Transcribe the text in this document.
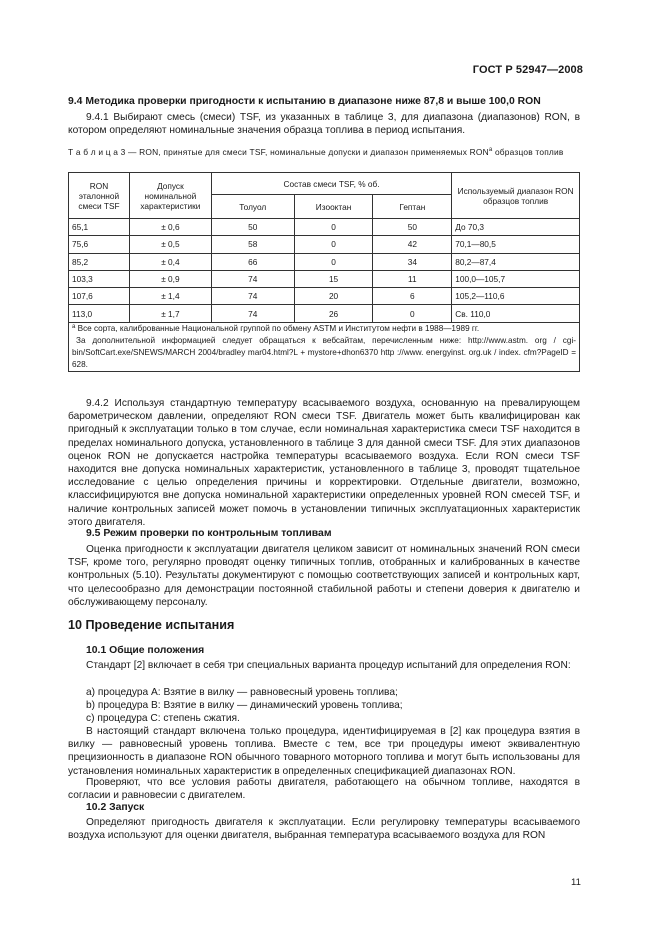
ГОСТ Р 52947—2008
9.4 Методика проверки пригодности к испытанию в диапазоне ниже 87,8 и выше 100,0 RON
9.4.1 Выбирают смесь (смеси) TSF, из указанных в таблице 3, для диапазона (диапазонов) RON, в котором определяют номинальные значения образца топлива в период испытания.
Т а б л и ц а 3 — RON, принятые для смеси TSF, номинальные допуски и диапазон применяемых $RON^а$ образцов топлив
RON эталонной смеси TSF	Допуск номинальной характеристики	Состав смеси TSF, % об.			Используемый диапазон RON образцов топлив
		Толуол	Изооктан	Гептан	
65,1	± 0,6	50	0	50	До 70,3
75,6	± 0,5	58	0	42	70,1—80,5
85,2	± 0,4	66	0	34	80,2—87,4
103,3	± 0,9	74	15	11	100,0—105,7
107,6	± 1,4	74	20	6	105,2—110,6
113,0	± 1,7	74	26	0	Св. 110,0
$^а$ Все сорта, калиброванные Национальной группой по обмену ASTM и Институтом нефти в 1988—1989 гг.
За дополнительной информацией следует обращаться к вебсайтам, перечисленным ниже: http://www.astm. org / cgi-bin/SoftCart.exe/SNEWS/MARCH 2004/bradley mar04.html?L + mystore+dhon6370 http ://www. energyinst. org.uk / index. cfm?PageID = 628.					
9.4.2 Используя стандартную температуру всасываемого воздуха, основанную на превалирующем барометрическом давлении, определяют RON смеси TSF. Двигатель может быть квалифицирован как пригодный к эксплуатации только в том случае, если номинальная характеристика смеси TSF находится в пределах номинального допуска, установленного в таблице 3 для данной смеси TSF. Для этих диапазонов оценок RON не допускается настройка температуры всасываемого воздуха. Если RON смеси TSF находится вне допуска номинальных характеристик, установленного в таблице 3, проводят тщательное исследование с целью определения причины и корректировки. Отдельные двигатели, возможно, классифицируются вне допуска номинальной характеристики определенных уровней RON смесей TSF, и наличие контрольных записей может помочь в установлении типичных эксплуатационных характеристик этого двигателя.
9.5 Режим проверки по контрольным топливам
Оценка пригодности к эксплуатации двигателя целиком зависит от номинальных значений RON смеси TSF, кроме того, регулярно проводят оценку типичных топлив, отобранных и калиброванных в качестве контрольных (5.10). Результаты документируют с помощью соответствующих записей и контрольных карт, что целесообразно для демонстрации постоянной стабильной работы и степени доверия к двигателю и обслуживающему персоналу.
10 Проведение испытания
10.1 Общие положения
Стандарт [2] включает в себя три специальных варианта процедур испытаний для определения RON:
а) процедура А: Взятие в вилку — равновесный уровень топлива;
b) процедура В: Взятие в вилку — динамический уровень топлива;
с) процедура С: степень сжатия.
В настоящий стандарт включена только процедура, идентифицируемая в [2] как процедура взятия в вилку — равновесный уровень топлива. Вместе с тем, все три процедуры имеют эквивалентную прецизионность в диапазоне RON обычного товарного моторного топлива и могут быть использованы для установления номинальных характеристик в определенных спецификацией диапазонах RON.
Проверяют, что все условия работы двигателя, работающего на обычном топливе, находятся в согласии и равновесии с двигателем.
10.2 Запуск
Определяют пригодность двигателя к эксплуатации. Если регулировку температуры всасываемого воздуха используют для оценки двигателя, выбранная температура всасываемого воздуха для RON
11
